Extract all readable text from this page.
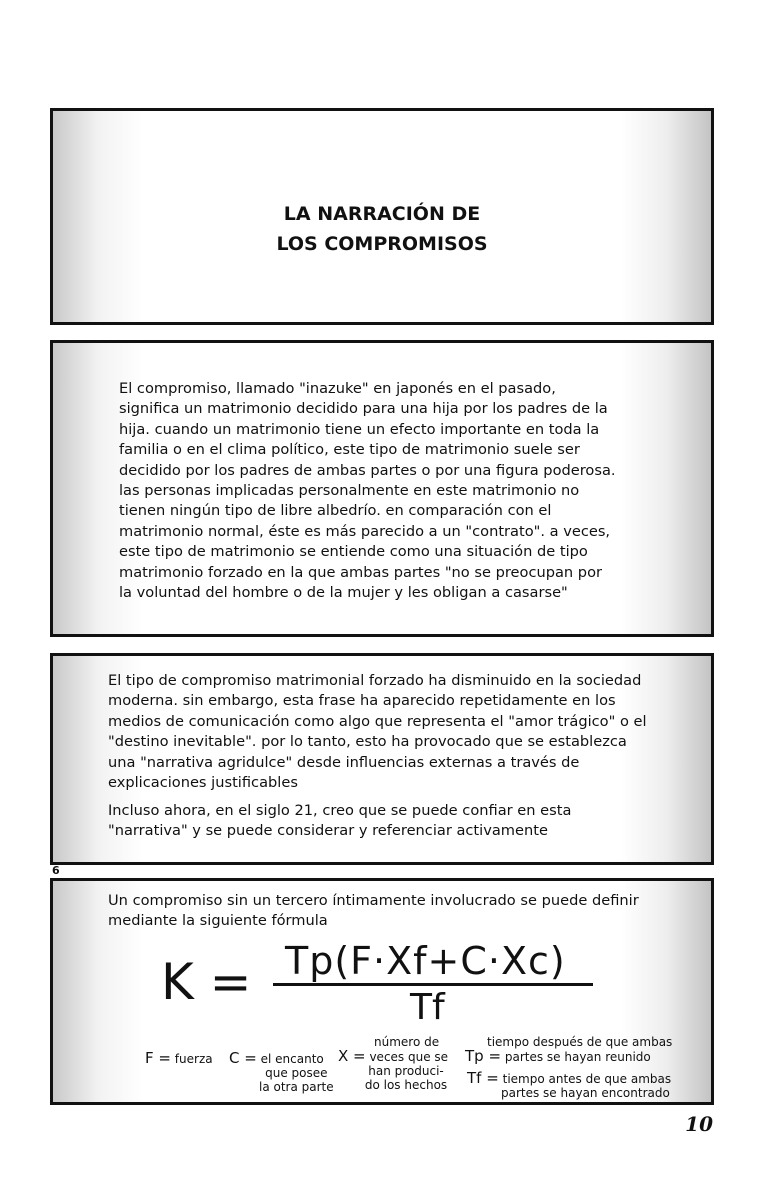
LA NARRACIÓN DE
LOS COMPROMISOS
El compromiso, llamado "inazuke" en japonés en el pasado, significa un matrimonio decidido para una hija por los padres de la hija. cuando un matrimonio tiene un efecto importante en toda la familia o en el clima político, este tipo de matrimonio suele ser decidido por los padres de ambas partes o por una figura poderosa. las personas implicadas personalmente en este matrimonio no tienen ningún tipo de libre albedrío. en comparación con el matrimonio normal, éste es más parecido a un "contrato". a veces, este tipo de matrimonio se entiende como una situación de tipo matrimonio forzado en la que ambas partes "no se preocupan por la voluntad del hombre o de la mujer y les obligan a casarse"
El tipo de compromiso matrimonial forzado ha disminuido en la sociedad moderna. sin embargo, esta frase ha aparecido repetidamente en los medios de comunicación como algo que representa el "amor trágico" o el "destino inevitable". por lo tanto, esto ha provocado que se establezca una "narrativa agridulce" desde influencias externas a través de explicaciones justificables
Incluso ahora, en el siglo 21, creo que se puede confiar en esta "narrativa" y se puede considerar y referenciar activamente
6
Un compromiso sin un tercero íntimamente involucrado se puede definir mediante la siguiente fórmula
K = Tp(F·Xf+C·Xc)
Tf
F = fuerza C = el encanto
que posee
la otra parte
número de
X = veces que se
han produci-
do los hechos
tiempo después de que ambas
Tp = partes se hayan reunido
Tf = tiempo antes de que ambas
partes se hayan encontrado
10
